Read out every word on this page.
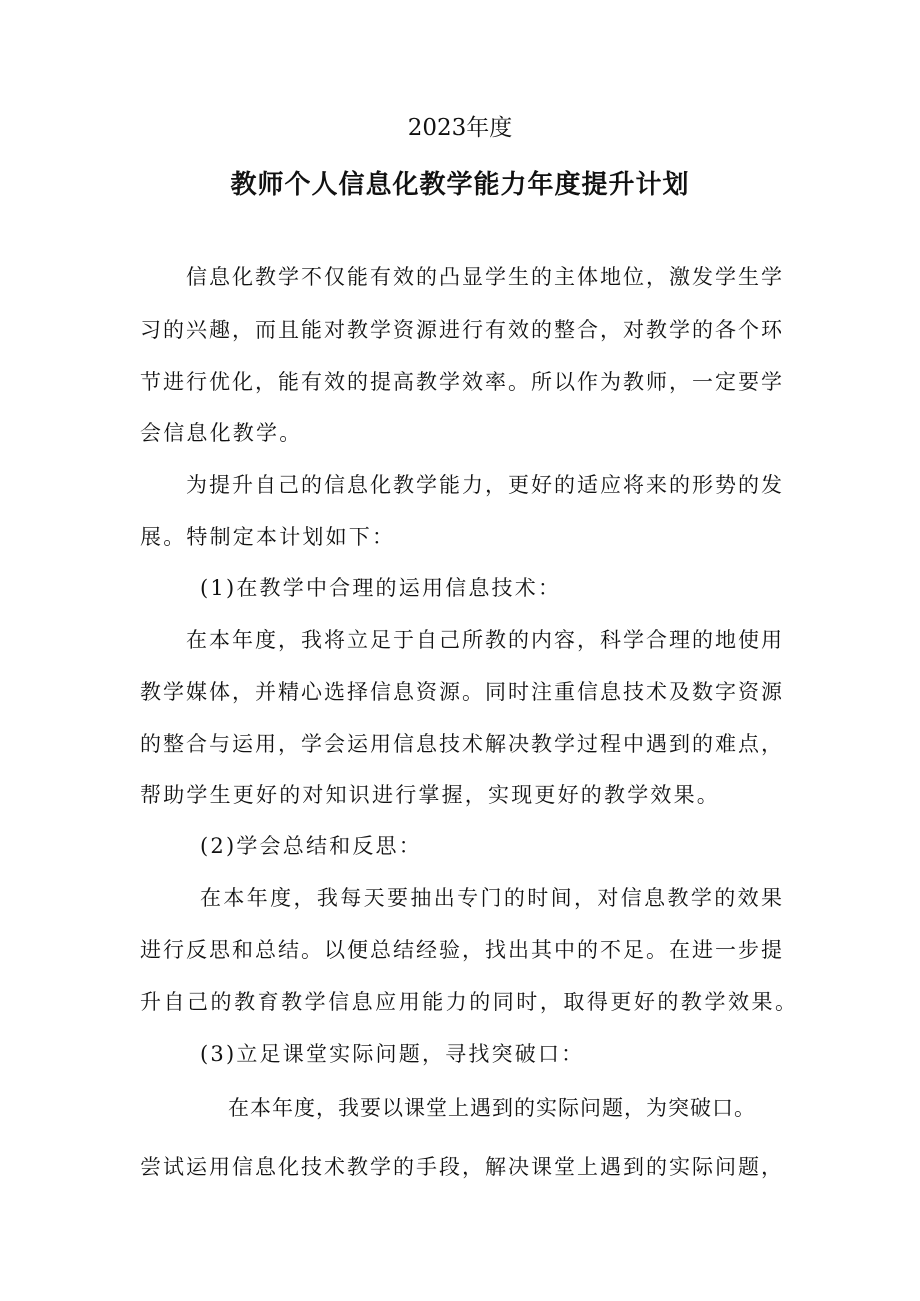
2023年度
教师个人信息化教学能力年度提升计划
信息化教学不仅能有效的凸显学生的主体地位，激发学生学
习的兴趣，而且能对教学资源进行有效的整合，对教学的各个环
节进行优化，能有效的提高教学效率。所以作为教师，一定要学
会信息化教学。
为提升自己的信息化教学能力，更好的适应将来的形势的发
展。特制定本计划如下：
(1)在教学中合理的运用信息技术：
在本年度，我将立足于自己所教的内容，科学合理的地使用
教学媒体，并精心选择信息资源。同时注重信息技术及数字资源
的整合与运用，学会运用信息技术解决教学过程中遇到的难点，
帮助学生更好的对知识进行掌握，实现更好的教学效果。
(2)学会总结和反思：
在本年度，我每天要抽出专门的时间，对信息教学的效果
进行反思和总结。以便总结经验，找出其中的不足。在进一步提
升自己的教育教学信息应用能力的同时，取得更好的教学效果。
(3)立足课堂实际问题，寻找突破口：
在本年度，我要以课堂上遇到的实际问题，为突破口。
尝试运用信息化技术教学的手段，解决课堂上遇到的实际问题，
